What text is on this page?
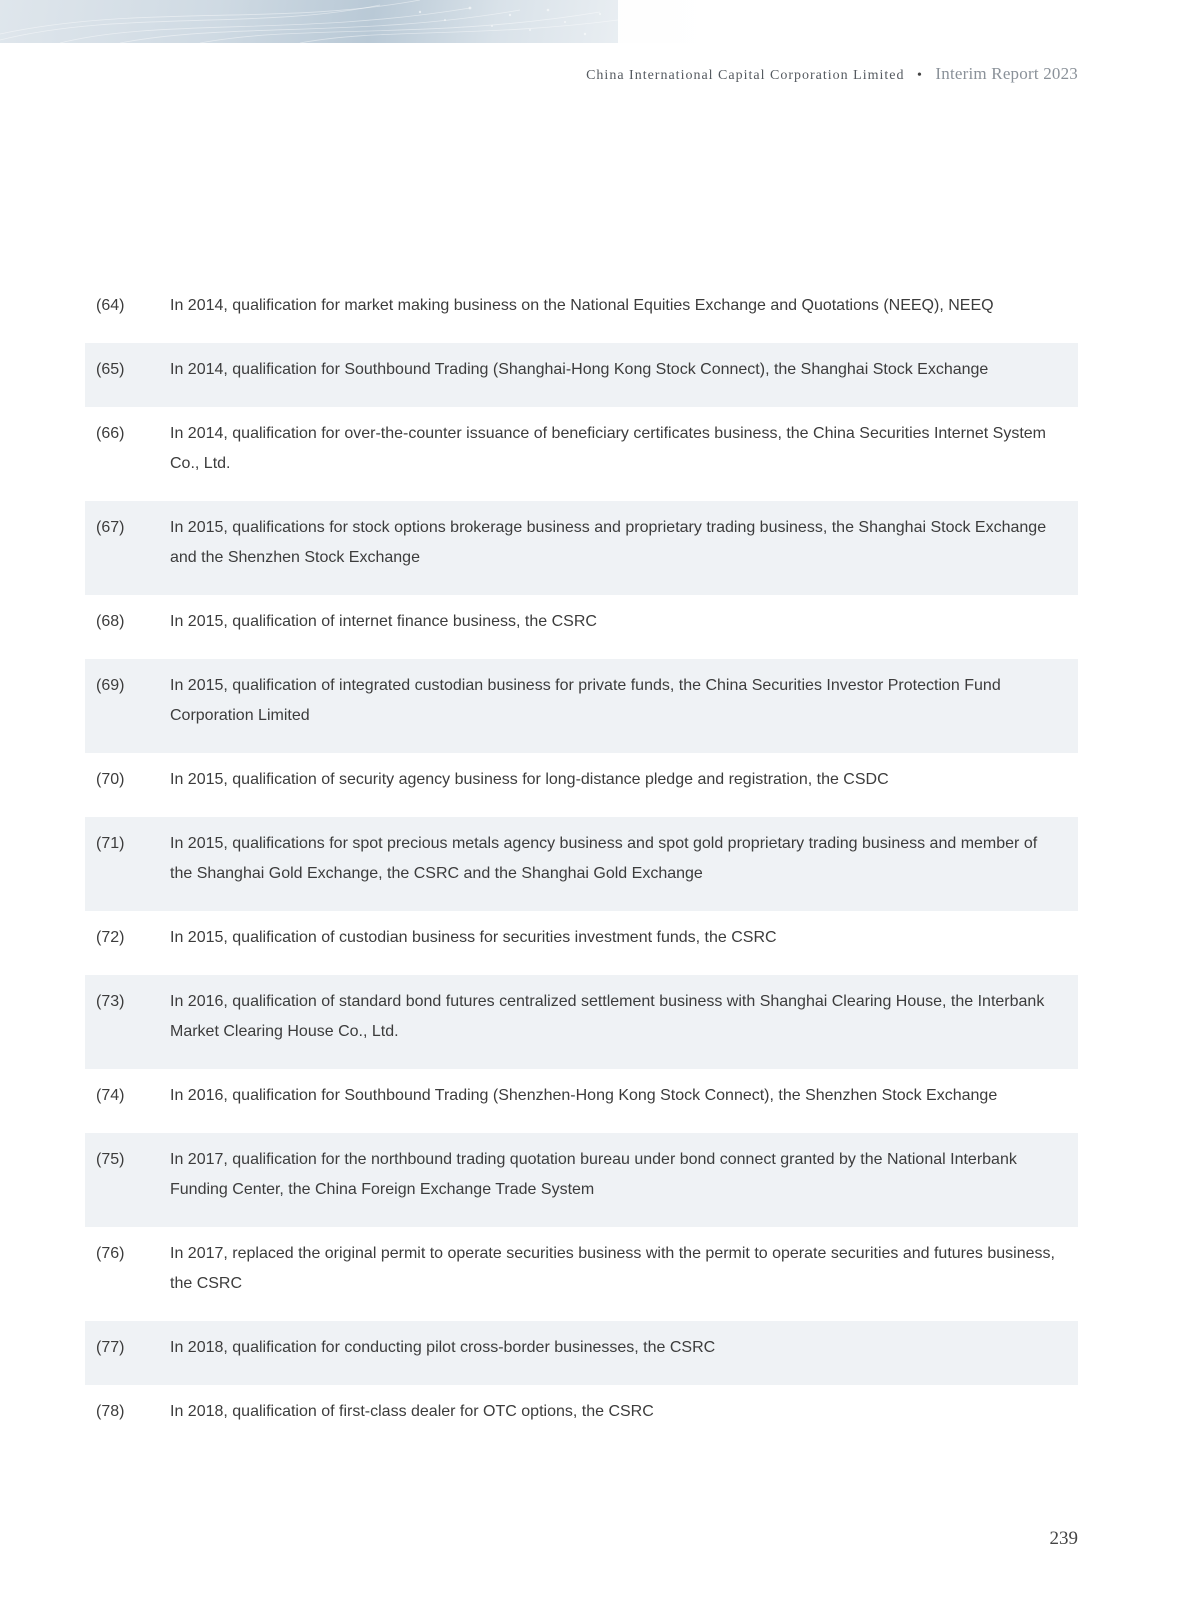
China International Capital Corporation Limited • Interim Report 2023
(64)	In 2014, qualification for market making business on the National Equities Exchange and Quotations (NEEQ), NEEQ
(65)	In 2014, qualification for Southbound Trading (Shanghai-Hong Kong Stock Connect), the Shanghai Stock Exchange
(66)	In 2014, qualification for over-the-counter issuance of beneficiary certificates business, the China Securities Internet System Co., Ltd.
(67)	In 2015, qualifications for stock options brokerage business and proprietary trading business, the Shanghai Stock Exchange and the Shenzhen Stock Exchange
(68)	In 2015, qualification of internet finance business, the CSRC
(69)	In 2015, qualification of integrated custodian business for private funds, the China Securities Investor Protection Fund Corporation Limited
(70)	In 2015, qualification of security agency business for long-distance pledge and registration, the CSDC
(71)	In 2015, qualifications for spot precious metals agency business and spot gold proprietary trading business and member of the Shanghai Gold Exchange, the CSRC and the Shanghai Gold Exchange
(72)	In 2015, qualification of custodian business for securities investment funds, the CSRC
(73)	In 2016, qualification of standard bond futures centralized settlement business with Shanghai Clearing House, the Interbank Market Clearing House Co., Ltd.
(74)	In 2016, qualification for Southbound Trading (Shenzhen-Hong Kong Stock Connect), the Shenzhen Stock Exchange
(75)	In 2017, qualification for the northbound trading quotation bureau under bond connect granted by the National Interbank Funding Center, the China Foreign Exchange Trade System
(76)	In 2017, replaced the original permit to operate securities business with the permit to operate securities and futures business, the CSRC
(77)	In 2018, qualification for conducting pilot cross-border businesses, the CSRC
(78)	In 2018, qualification of first-class dealer for OTC options, the CSRC
239
